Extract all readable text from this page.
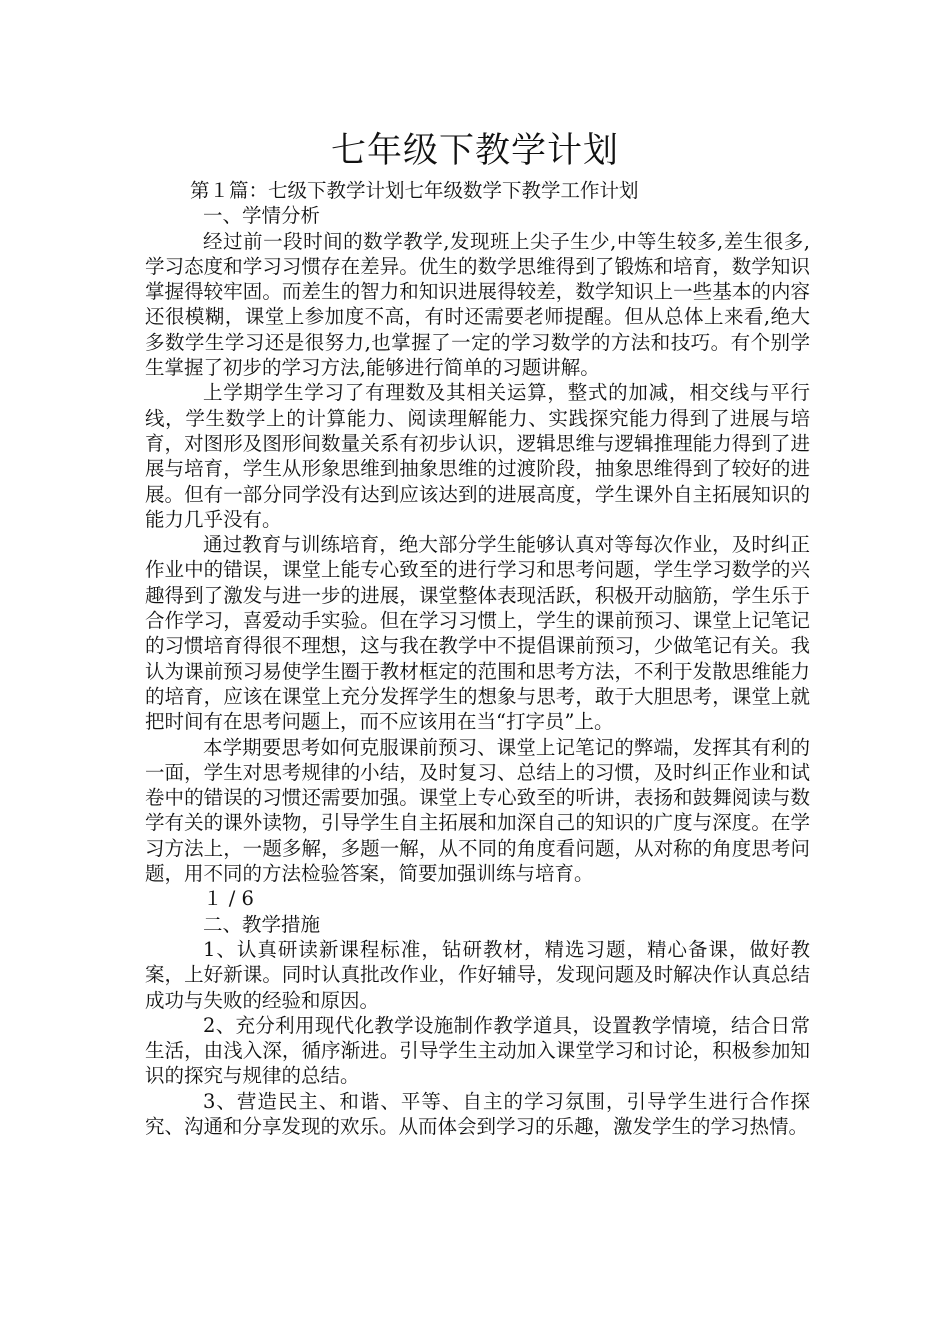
七年级下教学计划

第１篇：七级下教学计划七年级数学下教学工作计划

一、学情分析

经过前一段时间的数学教学,发现班上尖子生少,中等生较多,差生很多,学习态度和学习习惯存在差异。优生的数学思维得到了锻炼和培育，数学知识掌握得较牢固。而差生的智力和知识进展得较差，数学知识上一些基本的内容还很模糊，课堂上参加度不高，有时还需要老师提醒。但从总体上来看,绝大多数学生学习还是很努力,也掌握了一定的学习数学的方法和技巧。有个别学生掌握了初步的学习方法,能够进行简单的习题讲解。

上学期学生学习了有理数及其相关运算，整式的加减，相交线与平行线，学生数学上的计算能力、阅读理解能力、实践探究能力得到了进展与培育，对图形及图形间数量关系有初步认识，逻辑思维与逻辑推理能力得到了进展与培育，学生从形象思维到抽象思维的过渡阶段，抽象思维得到了较好的进展。但有一部分同学没有达到应该达到的进展高度，学生课外自主拓展知识的能力几乎没有。

通过教育与训练培育，绝大部分学生能够认真对等每次作业，及时纠正作业中的错误，课堂上能专心致至的进行学习和思考问题，学生学习数学的兴趣得到了激发与进一步的进展，课堂整体表现活跃，积极开动脑筋，学生乐于合作学习，喜爱动手实验。但在学习习惯上，学生的课前预习、课堂上记笔记的习惯培育得很不理想，这与我在教学中不提倡课前预习，少做笔记有关。我认为课前预习易使学生圈于教材框定的范围和思考方法，不利于发散思维能力的培育，应该在课堂上充分发挥学生的想象与思考，敢于大胆思考，课堂上就把时间有在思考问题上，而不应该用在当“打字员”上。

本学期要思考如何克服课前预习、课堂上记笔记的弊端，发挥其有利的一面，学生对思考规律的小结，及时复习、总结上的习惯，及时纠正作业和试卷中的错误的习惯还需要加强。课堂上专心致至的听讲，表扬和鼓舞阅读与数学有关的课外读物，引导学生自主拓展和加深自己的知识的广度与深度。在学习方法上，一题多解，多题一解，从不同的角度看问题，从对称的角度思考问题，用不同的方法检验答案，简要加强训练与培育。

１ / 6

二、教学措施

1、认真研读新课程标准，钻研教材，精选习题，精心备课，做好教案，上好新课。同时认真批改作业，作好辅导，发现问题及时解决作认真总结成功与失败的经验和原因。

2、充分利用现代化教学设施制作教学道具，设置教学情境，结合日常生活，由浅入深，循序渐进。引导学生主动加入课堂学习和讨论，积极参加知识的探究与规律的总结。

3、营造民主、和谐、平等、自主的学习氛围，引导学生进行合作探究、沟通和分享发现的欢乐。从而体会到学习的乐趣，激发学生的学习热情。
